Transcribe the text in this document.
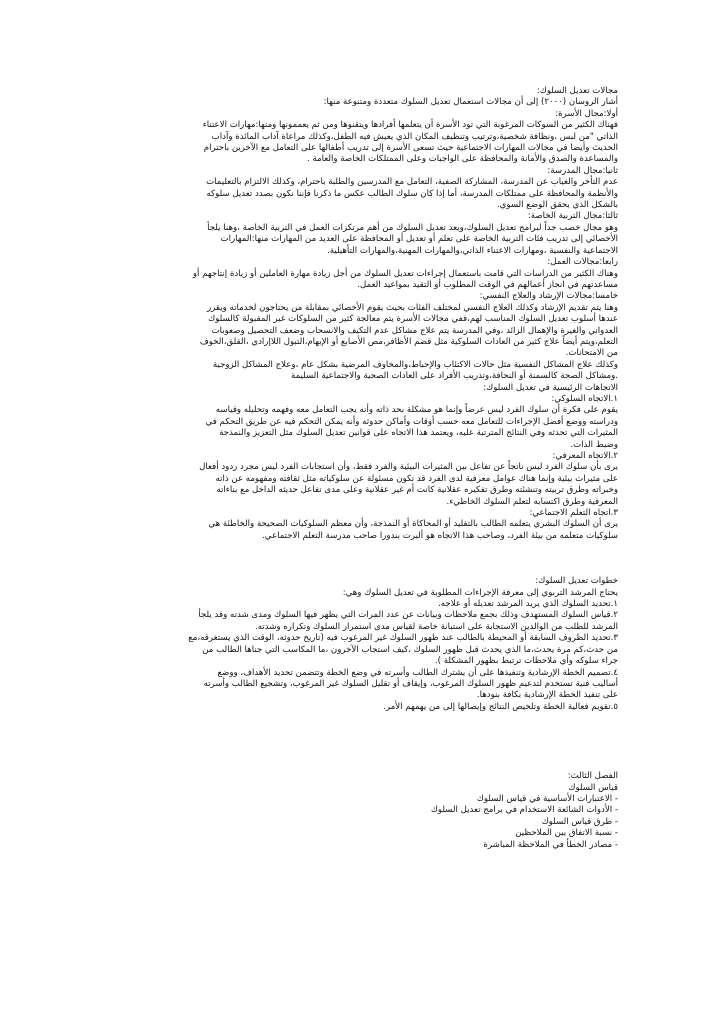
مجالات تعديل السلوك:
أشار الروسان (٢٠٠٠) إلى أن مجالات استعمال تعديل السلوك متعددة ومتنوعة منها:
أولا:مجال الأسرة:
فهناك الكثير من السوكات المرغوبة التي تود الأسرة أن يتعلمها أفرادها ويتقنوها ومن ثم يعممونها ومنها:مهارات الاعتناء
الذاتي "من لبس ،ونظافة شخصية،وترتيب وتنظيف المكان الذي يعيش فيه الطفل،وكذلك مراعاة آداب المائدة وآداب
الحديث وأيضا في مجالات المهارات الاجتماعية حيث تسعى الأسرة إلى تدريب أطفالها على التعامل مع الآخرين باحترام
والمساعدة والصدق والأمانة والمحافظة على الواجبات وعلى الممتلكات الخاصة والعامة .
ثانيا:مجال المدرسة:
عدم التأخر والغياب عن المدرسة، المشاركة الصفية، التعامل مع المدرسين والطلبة باحترام، وكذلك الالتزام بالتعليمات
والأنظمة والمحافظة على ممتلكات المدرسة، أما إذا كان سلوك الطالب عكس ما ذكرنا فإننا نكون بصدد تعديل سلوكه
بالشكل الذي يحقق الوضع السوي.
ثالثا:مجال التربية الخاصة:
وهو مجال خصب جداً لبرامج تعديل السلوك،ويعد تعديل السلوك من أهم مرتكزات العمل في التربية الخاصة ،وهنا يلجأ
الأخصائي إلى تدريب فئات التربية الخاصة على تعلم أو تعديل أو المحافظة على العديد من المهارات منها:المهارات
الاجتماعية والنفسية ،ومهارات الاعتناء الذاتي،والمهارات المهنية،والمهارات التأهيلية.
رابعا:مجالات العمل:
وهناك الكثير من الدراسات التي قامت باستعمال إجراءات تعديل السلوك من أجل زيادة مهارة العاملين أو زيادة إنتاجهم أو
مساعدتهم في انجاز أعمالهم في الوقت المطلوب أو التقيد بمواعيد العمل.
خامسا:مجالات الإرشاد والعلاج النفسي:
وهنا يتم تقديم الإرشاد وكذلك العلاج النفسي لمختلف الفئات بحيث يقوم الأخصائي بمقابلة من يحتاجون لخدماته ويقرر
عندها أسلوب تعديل السلوك المناسب لهم،ففي مجالات الأسرة يتم معالجة كثير من السلوكات غير المقبولة كالسلوك
العدواني والغيرة والإهمال الزائد ،وفي المدرسة يتم علاج مشاكل عدم التكيف والانسحاب وضعف التحصيل وصعوبات
التعلم،ويتم أيضاً علاج كثير من العادات السلوكية مثل قضم الأظافر،مص الأصابع أو الإبهام،التبول اللاإرادي ،القلق،الخوف
من الامتحانات.
وكذلك علاج المشاكل النفسية مثل حالات الاكتئاب والإحباط،والمخاوف المرضية بشكل عام ،وعلاج المشاكل الزوجية
.ومشاكل الصحة كالسمنة أو النحافة،وتدريب الأفراد على العادات الصحية والاجتماعية السليمة
الاتجاهات الرئيسية في تعديل السلوك:
١.الاتجاه السلوكي:
يقوم على فكرة أن سلوك الفرد ليس عرضاً وإنما هو مشكلة بحد ذاته وأنه يجب التعامل معه وفهمه وتحليله وقياسه
ودراسته ووضع أفضل الإجراءات للتعامل معه حسب أوقات وأماكن حدوثه وأنه يمكن التحكم فيه عن طريق التحكم في
المثيرات التي تحدثه وفي النتائج المترتبة عليه، ويعتمد هذا الاتجاه على قوانين تعديل السلوك مثل التعزيز والنمذجة
وضبط الذات.
٢.الاتجاه المعرفي:
يرى بأن سلوك الفرد ليس ناتجاً عن تفاعل بين المثيرات البيئية والفرد فقط، وأن استجابات الفرد ليس مجرد ردود أفعال
على مثيرات بيئية وإنما هناك عوامل معرفية لدى الفرد قد تكون مسئولة عن سلوكياته مثل ثقافته ومفهومه عن ذاته
وخبراته وطرق تربيته وتنشئته وطرق تفكيره عقلانية كانت أم غير عقلانية وعلى مدى تفاعل حديثه الداخل مع بناءاته
المعرفية وطرق اكتسابه لتعلم السلوك الخاطيء.
٣.اتجاه التعلم الاجتماعي:
يرى أن السلوك البشري يتعلمه الطالب بالتقليد أو المحاكاة أو النمذجة، وأن معظم السلوكيات الصحيحة والخاطئة هي
سلوكيات متعلمه من بيئة الفرد، وصاحب هذا الاتجاه هو ألبرت بندورا صاحب مدرسة التعلم الاجتماعي.
خطوات تعديل السلوك:
يحتاج المرشد التربوي إلى معرفة الإجراءات المطلوبة في تعديل السلوك وهي:
١.تحديد السلوك الذي يريد المرشد تعديله أو علاجه.
٢.قياس السلوك المستهدف وذلك بجمع ملاحظات وبيانات عن عدد المرات التي يظهر فيها السلوك ومدى شدته وقد يلجأ
المرشد للطلب من الوالدين الاستجابة على استبانة خاصة لقياس مدى استمرار السلوك وتكراره وشدته.
٣.تحديد الظروف السابقة أو المحيطة بالطالب عند ظهور السلوك غير المرغوب فيه (تاريخ حدوثه، الوقت الذي يستغرقه،مع
من حدث،كم مرة يحدث،ما الذي يحدث قبل ظهور السلوك ،كيف استجاب الآخرون ،ما المكاسب التي جناها الطالب من
جراء سلوكه وأي ملاحظات ترتبط بظهور المشكلة ).
٤.تصميم الخطة الإرشادية وتنفيذها على أن يشترك الطالب وأسرته في وضع الخطة وتتضمن تحديد الأهداف، ووضع
أساليب فنية تستخدم لتدعيم ظهور السلوك المرغوب، وإيقاف أو تقليل السلوك غير المرغوب، وتشجيع الطالب وأسرته
على تنفيذ الخطة الإرشادية بكافة بنودها.
٥.تقويم فعالية الخطة وتلخيص النتائج وإيصالها إلى من يهمهم الأمر.
الفصل الثالث:
قياس السلوك
- الاعتبارات الأساسية في قياس السلوك
- الأدوات الشائعة الاستخدام في برامج تعديل السلوك
- طرق قياس السلوك
- نسبة الاتفاق بين الملاحظين
- مصادر الخطأ في الملاحظة المباشرة
